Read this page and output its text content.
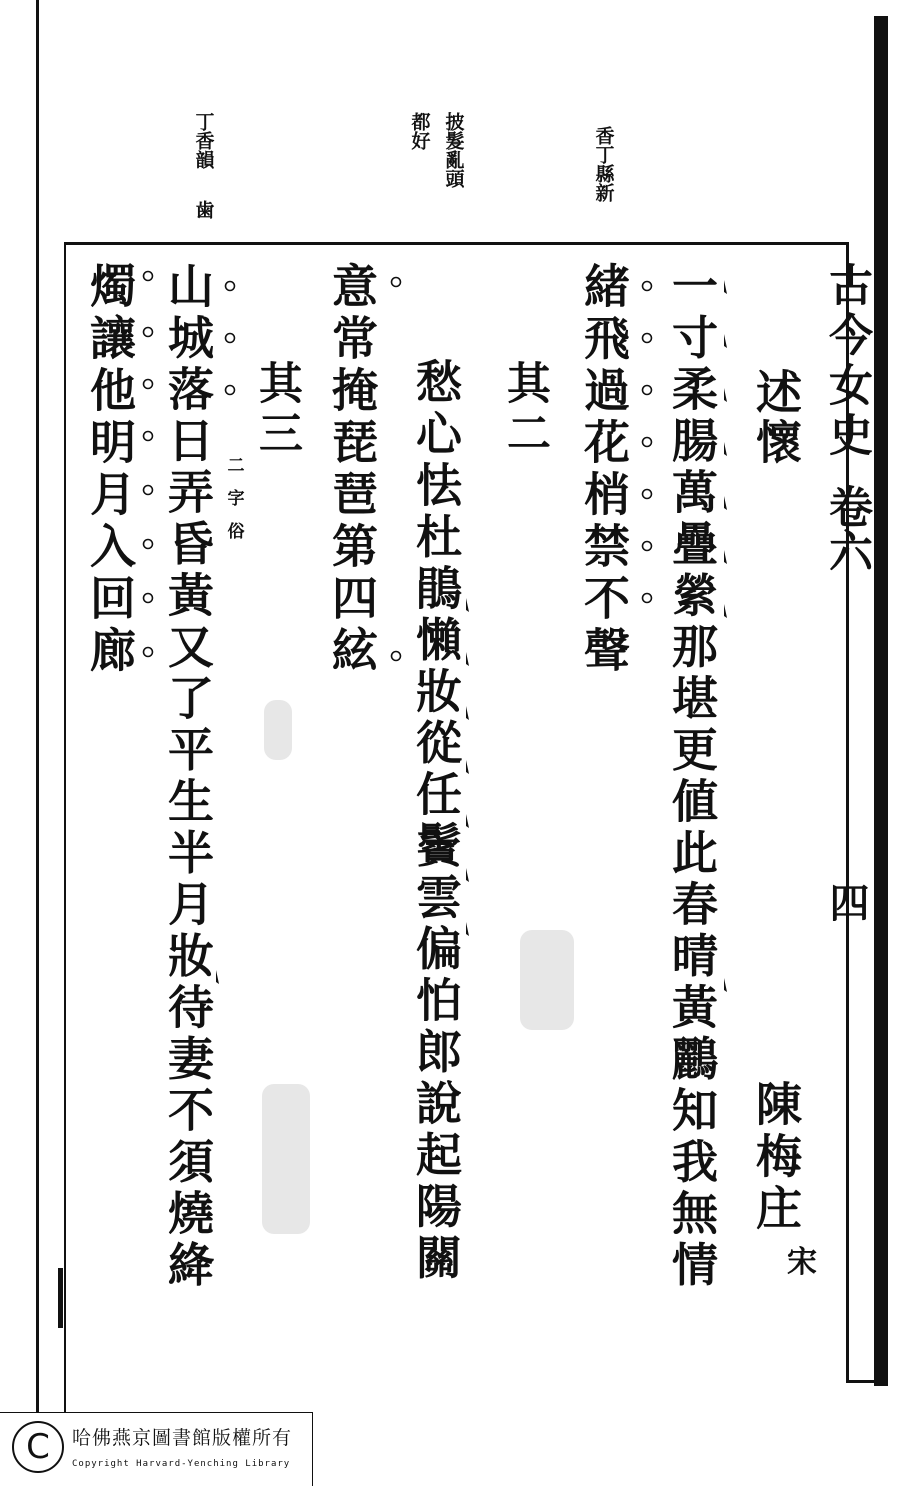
古今女史
卷六
四
香丁縣新
披髮亂頭
都好
丁香韻
歯
述懷
陳梅庄
宋
一寸柔腸萬疊縈那堪更値此春晴黃鸝知我無情
緒飛過花梢禁不聲
其二
愁心怯杜鵑懶妝從任鬢雲偏怕郎說起陽關
意常掩琵琶第四絃
其三
二字俗
山城落日弄昏黃又了平生半月妝待妻不須燒絳
燭讓他明月入回廊
C	哈佛燕京圖書館版權所有
Copyright Harvard-Yenching Library
